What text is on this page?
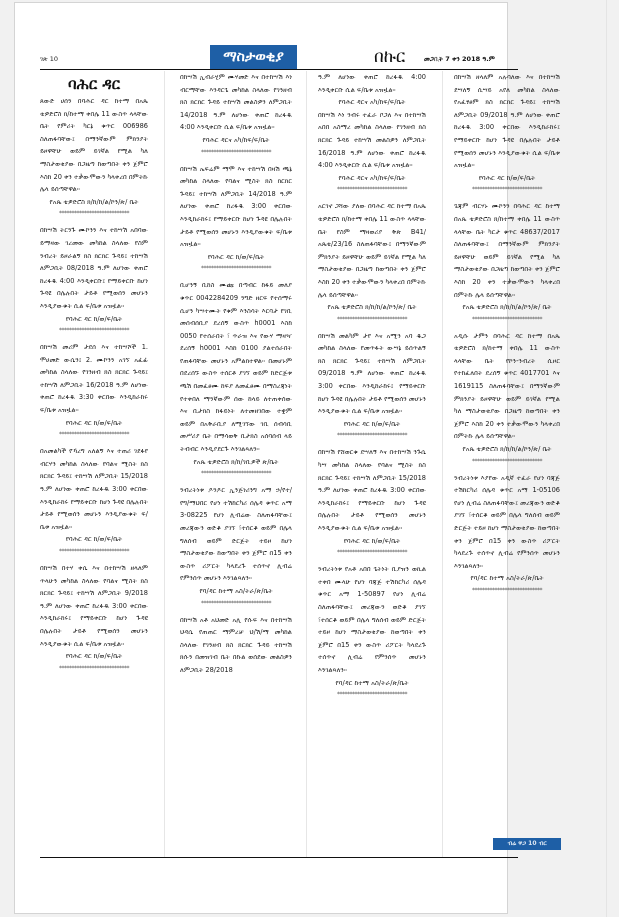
ገጽ 10	ማስታወቂያ	በኩር	መጋቢት 7 ቀን 2018 ዓ.ም
ባሕር ዳር

ጸውድ ሀሰን በባሕር ዳር ከተማ በአጼ ቴዎድሮስ ክ/ከተማ ቀበሌ 11 ውስጥ ላላቸው ቤት የምሪት ካርኔ ቁጥር 006986 ስለጠፋባቸው፤ በማንኛውም ምክንያት ይዞዋቸሁ ወይም ይገኛል የሚል ካለ ማስታወቂያው በጋዜጣ ከወጣበት ቀን ጀምሮ እስከ 20 ቀን ተቃውሞውን ካላቀረበ በምትኩ ሌላ ይሰጣቸዋል፡፡

የአጼ ቴዎድሮስ ክ/ከ/ከ/ል/ኮን/ጽ/ ቤት
****************************

በከሣሽ ትርንጉ ሙኮንን እና ተከሣሽ አበባው ይማዛው ገረመው መካከል ስላለው የስም ንብረት ይዞራልኝ ክስ ክርክር ጉዳይ፤ ተከሣሽ ለምጋቢት 08/2018 ዓ.ም ለሆነው ቀጠሮ ከረፋዱ 4:00 እንዲቀርቡ፤ የማይቀርቡ ከሆነ ጉዳዩ በሌሉበት ታይቶ የሚወሰን መሆኑን እንዲያውቁት ሲል ፍ/ቤቱ አዝዟል፡፡

የባሕር ዳር ከ/ወ/ፍ/ቤት
****************************

በከሣሽ መሪም ታደሰ እና ተከሣሾች 1. ሞሀመድ ውሴን፤ 2. ሙኮንን አገኘ አፈፊ መካከል ስላለው የገንዘብ ክስ ክርክር ጉዳይ፤ ተከሣሽ ለምጋቢት 16/2018 ዓ.ም ለሆነው ቀጠሮ ከረፋዱ 3:30 ቀርበው እንዲከራከሩ ፍ/ቤቱ አዝዟል፡፡

የባሕር ዳር ከ/ወ/ፍ/ቤት
****************************

በአመልካች የኻረግ አለልኝ እና ተጠሪ ገደፋየ ብርሃን መካከል ስላለው የባልና ሚስት ክስ ክርክር ጉዳይ፤ ተከሣሽ ለምጋቢት 15/2018 ዓ.ም ለሆነው ቀጠሮ ከረፋዱ 3:00 ቀርበው እንዲከራከሩ የማይቀርቡ ከሆነ ጉዳዩ በሌሉበት ታይቶ የሚወሰን መሆኑን እንዲያውቁት ፍ/ቤቱ አዝዟል፡፡

የባሕር ዳር ከ/ወ/ፍ/ቤት
****************************

በከሣሽ በተሃ ቀሴ እና በተከሣሽ ዘላለም ጥላሁን መካከል ስላለው የባልና ሚስት ክስ ክርክር ጉዳይ፤ ተከሣሽ ለምጋቢት 9/2018 ዓ.ም ለሆነው ቀጠሮ ከረፋዱ 3:00 ቀርበው እንዲከራከሩ፤ የማይቀርቡ ከሆነ ጉዳዩ በሌሉበት ታይቶ የሚወሰን መሆኑን እንዲያውቁት ሲል ፍ/ቤቱ አዝዟል፡፡

የባሕር ዳር ከ/ወ/ፍ/ቤት
****************************

በከሣሽ ኢብራሂም ሙሃመድ እና በተከሣሽ እነ ብርማቸው እንዳርጌ መካከል ስላለው የገንዘብ ክስ ክርክር ጉዳይ ተከሣሽ መልስዎን ለምጋቢት 14/2018 ዓ.ም ለሆነው ቀጠሮ ከረፋዱ 4:00 እንዲቀርቡ ሲል ፍ/ቤቱ አዝዟል፡፡

የባሕር ዳርና አካ/ከፍ/ፍ/ቤት
****************************

በከሣሽ ኤፍሬም ማሞ እና ተከሣሽ በዛሽ ጫኔ መካከል ስላለው የባልና ሚስት ክስ ክርክር ጉዳይ፤ ተከሣሽ ለምጋቢት 14/2018 ዓ.ም ለሆነው ቀጠሮ ከረፋዱ 3:00 ቀርበው እንዲከራከሩ፤ የማይቀርቡ ከሆነ ጉዳዩ በሌሉበት ታይቶ የሚወሰን መሆኑን እንዲያውቁት ፍ/ቤቱ አዝዟል፡፡

የባሕር ዳር ከ/ወ/ፍ/ቤት
****************************

ቢሆንኝ ቢከስ ሙጩ በጣብር ከፋይ መለያ ቁጥር 0042284209 ንግድ ዘርፍ የተሰማሩ ሲሆን ካሣተሙት የቁም እንስሳት እርባታ የገቢ መሰብሰቢያ ደረሰኝ ውስጥ h0001 እስከ 0050 የተሰራበት ፣ ጥራዝ እና የውሃ ማዛዣ ደረሰኝ h0001 እስከ 0100 ያልተሰራበት የጠፋባቸው መሆኑን አምልክተዋል፡፡ በመሆኑም በደረሰኙ ውስጥ ተሰርቶ ያገኘ ወይም ከድርጅቱ ጫሽ በመፈፀሙ ከፍያ ለመፈፀሙ በማስረጃነት የተቀበለ ማንኛውም ሰው ከላይ ለተጠቀሰው እና ቢታክስ ከፋይነት ለተመዘገበው ተቋም ወይም በአቅራቢያ ለሚገኘው ገቢ ሰብሳቢ መሥሪያ ቤት በማሳወቅ ቢታክስ አሰባሰብ ላይ ትብብር እንዲያደርጉ እንገልጻለን፡፡

የአጼ ቴዎድሮስ ክ/ከ/ገቢዎች ጽ/ቤት
****************************

ንብረትነቱ ዶንዶር ኢንጅነሪንግ አማ ኃ/የተ/የግ/ማህበር የሆነ ተሽከርካሪ ሰሌዳ ቁጥር አማ 3-08225 የሆነ ሊብሬው ስለጠፋባቸው፤ መረጃውን ወድቆ ያገኘ ፣ተሰርቆ ወይም በሌላ ግለሰብ ወይም ድርጅት ተይዞ ከሆነ ማስታወቂያው ከወጣበት ቀን ጀምሮ በ15 ቀን ውስጥ ሪፖርት ካላደረጉ ተሰጥኖ ሊብሬ የምንሰጥ መሆኑን እንገልጻለን፡፡

የባ/ዳር ከተማ አስ/ትራ/ጽ/ቤት
****************************

በከሣሽ አቶ አህመድ አሊ የሱፍ እና በተከሣሽ ህዳሴ የጠጠር ማምረቻ ህ/ሽ/ማ መካከል ስላለው የገንዘብ ክስ ክርክር ጉዳይ ተከሣሽ ክሱን በመዝገብ ቤት በኩል ወሰደው መልስዎን ለምጋቢት 28/2018

ዓ.ም ለሆነው ቀጠሮ ከረፋዱ 4:00 እንዲቀርቡ ሲል ፍ/ቤቱ አዝዟል፡፡

የባሕር ዳርና አካ/ከፍ/ፍ/ቤት

በከሣሽ እነ ንብሩ ተፈራ ቦጋለ እና በተከሣሽ አበበ አስማረ መካከል ስላለው የገንዘብ ክስ ክርክር ጉዳይ ተከሣሽ መልስዎን ለምጋቢት 16/2018 ዓ.ም ለሆነው ቀጠሮ ከረፋዱ 4:00 እንዲቀርቡ ሲል ፍ/ቤቱ አዝዟል፡፡

የባሕር ዳርና አካ/ከፍ/ፍ/ቤት
****************************

አርገኖ ጋሻው ያለው በባሕር ዳር ከተማ በአጼ ቴዎድሮስ ክ/ከተማ ቀበሌ 11 ውስጥ ላላቸው ቤት የስም ማዛወሪያ ቅጽ B41/አጼቴ/23/16 ስለጠፋባቸው፤ በማንኛውም ምክንያት ይዞዋቸሁ ወይም ይገኛል የሚል ካለ ማስታወቂያው በጋዜጣ ከወጣበት ቀን ጀምሮ እስከ 20 ቀን ተቃውሞውን ካላቀረበ በምትኩ ሌላ ይሰጣቸዋል፡፡

የአጼ ቴዎድሮስ ክ/ከ/ከ/ል/ኮን/ጽ/ ቤት
****************************

በከሣሽ መልካም ታየ እና አሚን አባ ዱጋ መካከል ስላለው የመጥፋት ውሣኔ ይሰጥልኝ ክስ ክርክር ጉዳይ፤ ተከሣሽ ለምጋቢት 09/2018 ዓ.ም ለሆነው ቀጠሮ ከረፋዱ 3:00 ቀርበው እንዲከራከሩ፤ የማይቀርቡ ከሆነ ጉዳዩ በሌሉበት ታይቶ የሚወሰን መሆኑን እንዲያውቁት ሲል ፍ/ቤቱ አዝዟል፡፡

የባሕር ዳር ከ/ወ/ፍ/ቤት
****************************

በከሣሽ የሸወርቁ ደሣለኝ እና በተከሣሽ ንጉሴ ካሣ መካከል ስላለው የባልና ሚስት ክስ ክርክር ጉዳይ፤ ተከሣሽ ለምጋቢት 15/2018 ዓ.ም ለሆነው ቀጠሮ ከረፋዱ 3:00 ቀርበው እንዲከራከሩ፤ የማይቀርቡ ከሆነ ጉዳዩ በሌሉበት ታይቶ የሚወሰን መሆኑን እንዲያውቁት ሲል ፍ/ቤቱ አዝዟል፡፡

የባሕር ዳር ከ/ወ/ፍ/ቤት
****************************

ንብረትነቱ የአቶ አበበ ጌትነት ቢያዝን ወኪል ተቀበ ሙላሁ የሆነ ባጃጅ ተሽከርካሪ ሰሌዳ ቁጥር አማ 1-50897 የሆነ ሊብሬ ስለጠፋባቸው፤ መረጃውን ወድቆ ያገኘ ፣ተሰርቆ ወይም በሌላ ግለሰብ ወይም ድርጅት ተይዞ ከሆነ ማስታወቂያው ከወጣበት ቀን ጀምሮ በ15 ቀን ውስጥ ሪፖርት ካላደረጉ ተሰጥኖ ሊብሬ የምንሰጥ መሆኑን እንገልጻለን፡፡

የባ/ዳር ከተማ አስ/ትራ/ጽ/ቤት
****************************

በከሣሽ ዘላለም አሉባለው እና በተከሣሽ ደሣለኝ ሲሣይ አየለ መካከል ስላለው የአፈፃፀም ክስ ክርክር ጉዳይ፤ ተከሣሽ ለምጋቢት 09/2018 ዓ.ም ለሆነው ቀጠሮ ከረፋዱ 3:00 ቀርበው እንዲከራከሩ፤ የማይቀርቡ ከሆነ ጉዳዩ በሌሉበት ታይቶ የሚወሰን መሆኑን እንዲያውቁት ሲል ፍ/ቤቱ አዝዟል፡፡

የባሕር ዳር ከ/ወ/ፍ/ቤት
****************************

ጌጃም ብርሃኑ ሙኮንን በባሕር ዳር ከተማ በአጼ ቴዎድሮስ ክ/ከተማ ቀበሌ 11 ውስጥ ላላቸው ቤት ካርታ ቁጥር 48637/2017 ስለጠፋባቸው፤ በማንኛውም ምክንያት ይዞዋቸሁ ወይም ይገኛል የሚል ካለ ማስታወቂያው በጋዜጣ ከወጣበት ቀን ጀምሮ እስከ 20 ቀን ተቃውሞውን ካላቀረበ በምትኩ ሌላ ይሰጣቸዋል፡፡

የአጼ ቴዎድሮስ ክ/ከ/ከ/ል/ኮን/ጽ/ ቤት
****************************

አዲሱ ታምን በባሕር ዳር ከተማ በአጼ ቴዎድሮስ ክ/ከተማ ቀበሌ 11 ውስጥ ላላቸው ቤት የኮን-ንብረት ሲዞር የተከፈለበት ደረሰኝ ቁጥር 4017701 እና 1619115 ስለጠፋባቸው፤ በማንኛውም ምክንያት ይዞዋቸሁ ወይም ይገኛል የሚል ካለ ማስታወቂያው በጋዜጣ ከወጣበት ቀን ጀምሮ እስከ 20 ቀን ተቃውሞውን ካላቀረበ በምትኩ ሌላ ይሰጣቸዋል፡፡

የአጼ ቴዎድሮስ ክ/ከ/ከ/ል/ኮን/ጽ/ ቤት
****************************

ንብረትነቱ እያየው አዲኛ ተፈራ የሆነ ባጃጅ ተሽከርካሪ ሰሌዳ ቁጥር አማ 1-05106 የሆነ ሊብሬ ስለጠፋባቸው፤ መረጃውን ወድቆ ያገኘ ፣ተሰርቆ ወይም በሌላ ግለሰብ ወይም ድርጅት ተይዞ ከሆነ ማስታወቂያው ከወጣበት ቀን ጀምሮ በ15 ቀን ውስጥ ሪፖርት ካላደረጉ ተሰጥኖ ሊብሬ የምንሰጥ መሆኑን እንገልጻለን፡፡

የባ/ዳር ከተማ አስ/ትራ/ጽ/ቤት
****************************
ብሬ ዋጋ 10 ብር
